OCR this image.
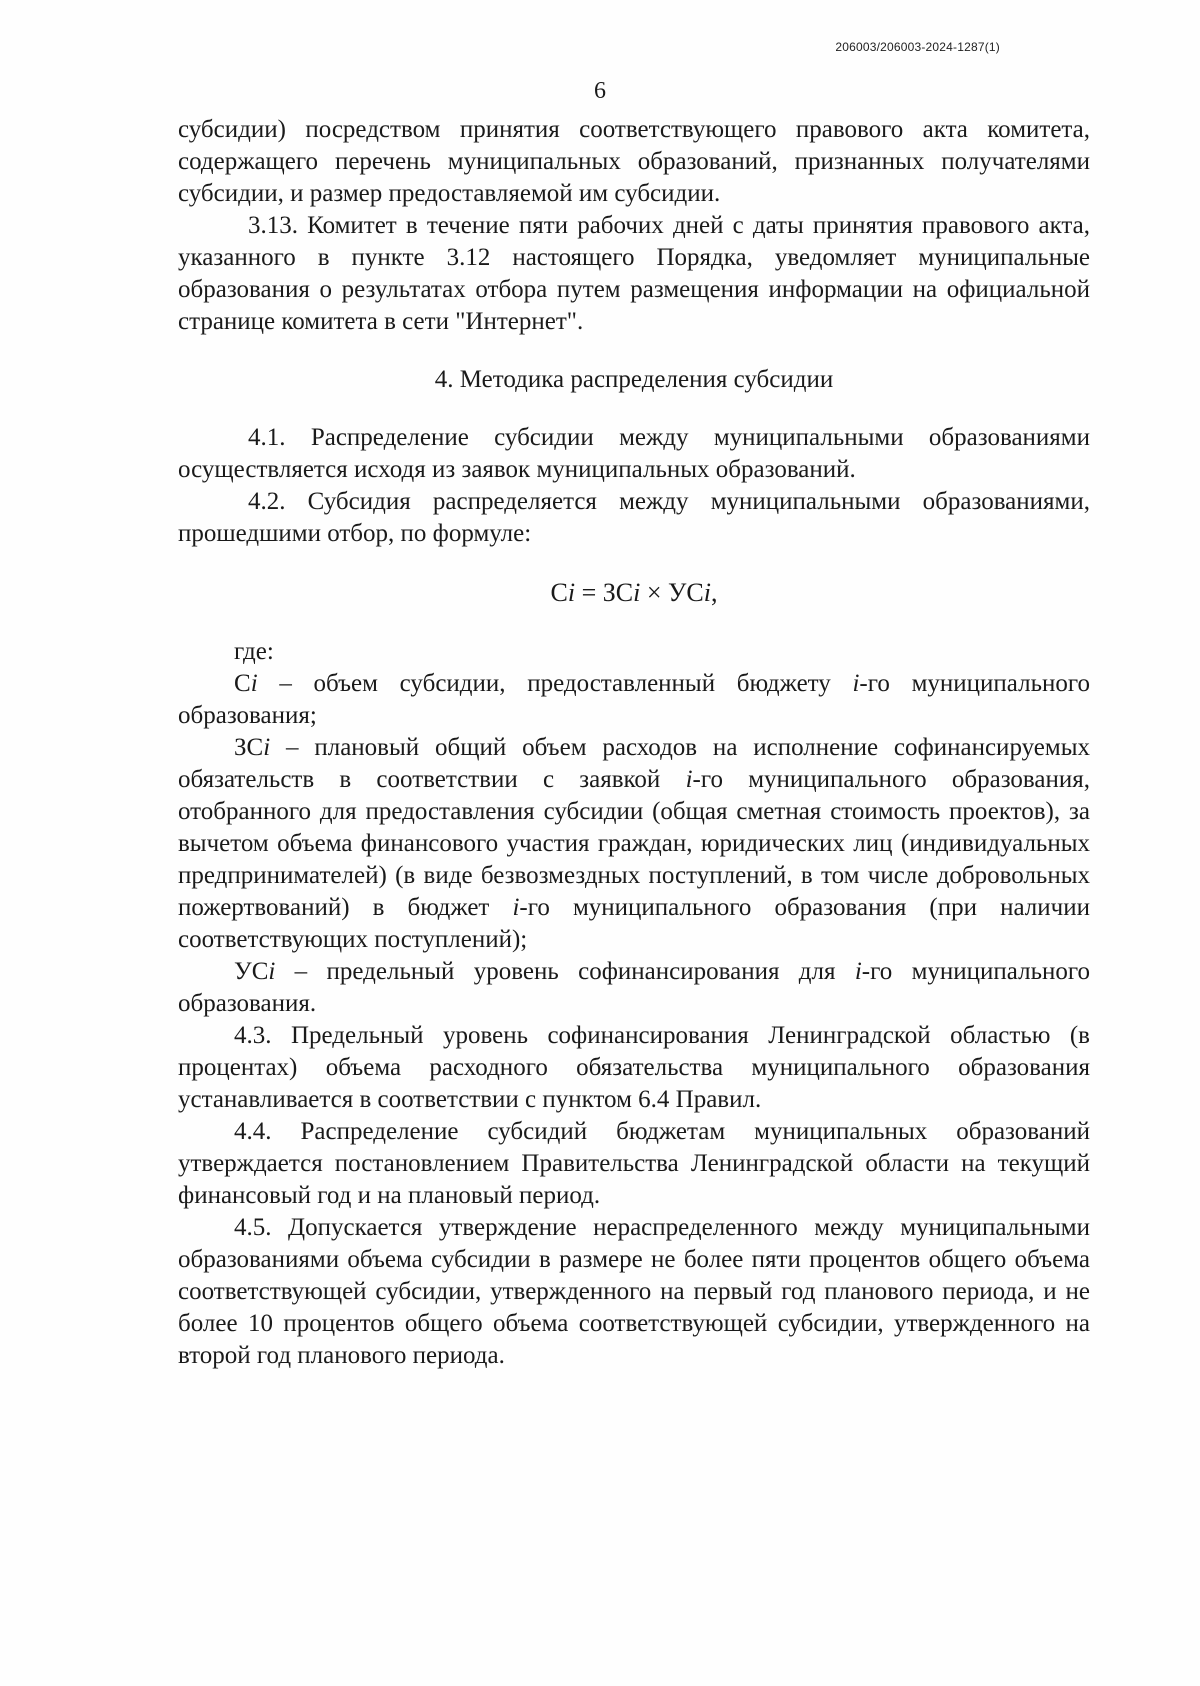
206003/206003-2024-1287(1)
6

субсидии) посредством принятия соответствующего правового акта комитета, содержащего перечень муниципальных образований, признанных получателями субсидии, и размер предоставляемой им субсидии.

3.13. Комитет в течение пяти рабочих дней с даты принятия правового акта, указанного в пункте 3.12 настоящего Порядка, уведомляет муниципальные образования о результатах отбора путем размещения информации на официальной странице комитета в сети "Интернет".

4. Методика распределения субсидии

4.1. Распределение субсидии между муниципальными образованиями осуществляется исходя из заявок муниципальных образований.

4.2. Субсидия распределяется между муниципальными образованиями, прошедшими отбор, по формуле:

Сi = ЗСi × УСi,

где:

Сi – объем субсидии, предоставленный бюджету i-го муниципального образования;

ЗСi – плановый общий объем расходов на исполнение софинансируемых обязательств в соответствии с заявкой i-го муниципального образования, отобранного для предоставления субсидии (общая сметная стоимость проектов), за вычетом объема финансового участия граждан, юридических лиц (индивидуальных предпринимателей) (в виде безвозмездных поступлений, в том числе добровольных пожертвований) в бюджет i-го муниципального образования (при наличии соответствующих поступлений);

УСi – предельный уровень софинансирования для i-го муниципального образования.

4.3. Предельный уровень софинансирования Ленинградской областью (в процентах) объема расходного обязательства муниципального образования устанавливается в соответствии с пунктом 6.4 Правил.

4.4. Распределение субсидий бюджетам муниципальных образований утверждается постановлением Правительства Ленинградской области на текущий финансовый год и на плановый период.

4.5. Допускается утверждение нераспределенного между муниципальными образованиями объема субсидии в размере не более пяти процентов общего объема соответствующей субсидии, утвержденного на первый год планового периода, и не более 10 процентов общего объема соответствующей субсидии, утвержденного на второй год планового периода.
